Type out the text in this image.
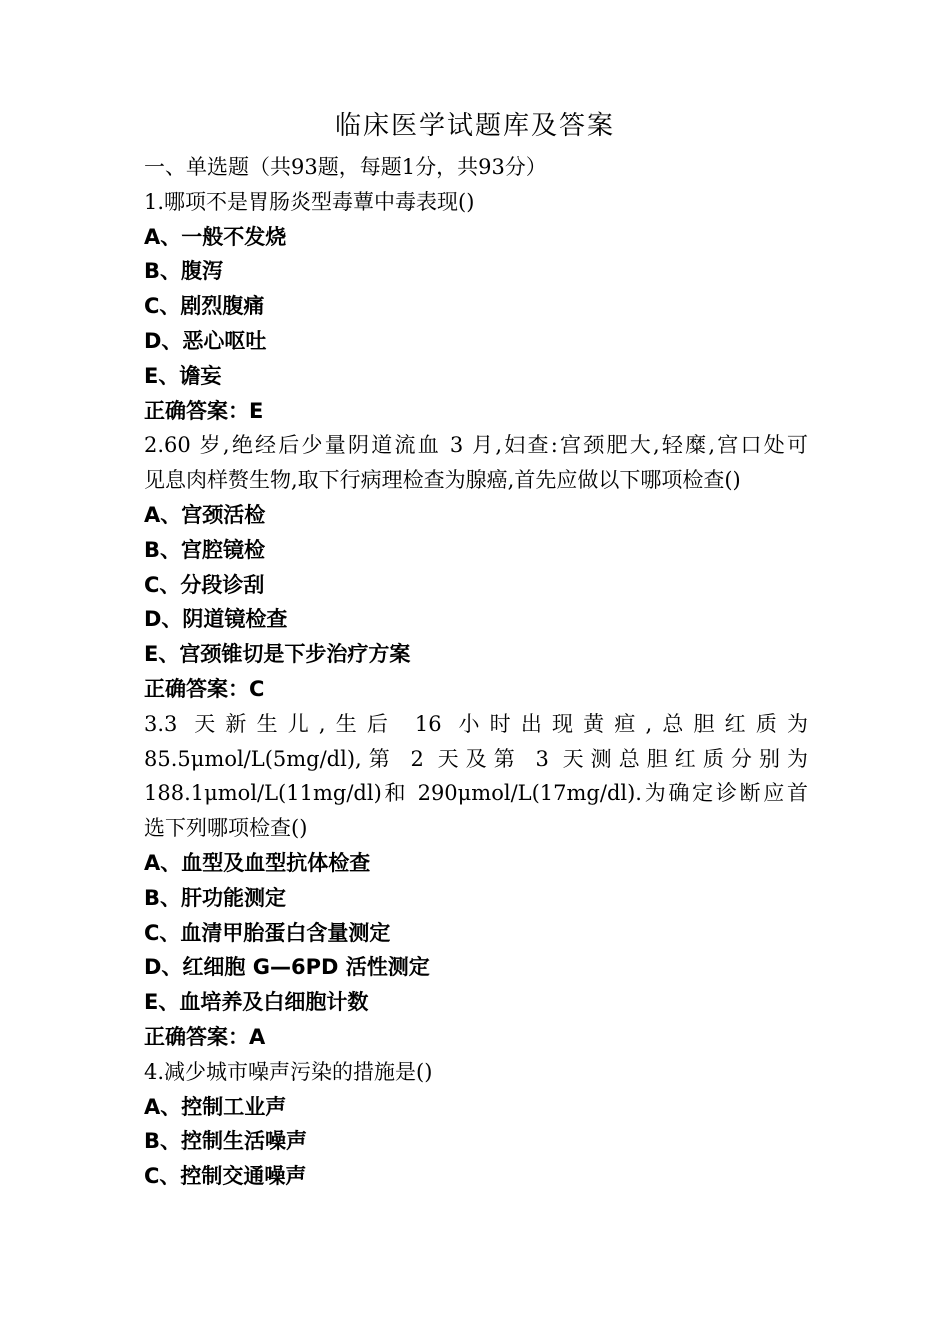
临床医学试题库及答案
一、单选题（共93题，每题1分，共93分）
1.哪项不是胃肠炎型毒蕈中毒表现()
A、一般不发烧
B、腹泻
C、剧烈腹痛
D、恶心呕吐
E、谵妄
正确答案：E
2.60 岁,绝经后少量阴道流血 3 月,妇查:宫颈肥大,轻糜,宫口处可
见息肉样赘生物,取下行病理检查为腺癌,首先应做以下哪项检查()
A、宫颈活检
B、宫腔镜检
C、分段诊刮
D、阴道镜检查
E、宫颈锥切是下步治疗方案
正确答案：C
3.3 天新生儿,生后 16 小时出现黄疸,总胆红质为
85.5μmol/L(5mg/dl),第 2 天及第 3 天测总胆红质分别为
188.1μmol/L(11mg/dl)和 290μmol/L(17mg/dl).为确定诊断应首
选下列哪项检查()
A、血型及血型抗体检查
B、肝功能测定
C、血清甲胎蛋白含量测定
D、红细胞 G—6PD 活性测定
E、血培养及白细胞计数
正确答案：A
4.减少城市噪声污染的措施是()
A、控制工业声
B、控制生活噪声
C、控制交通噪声
